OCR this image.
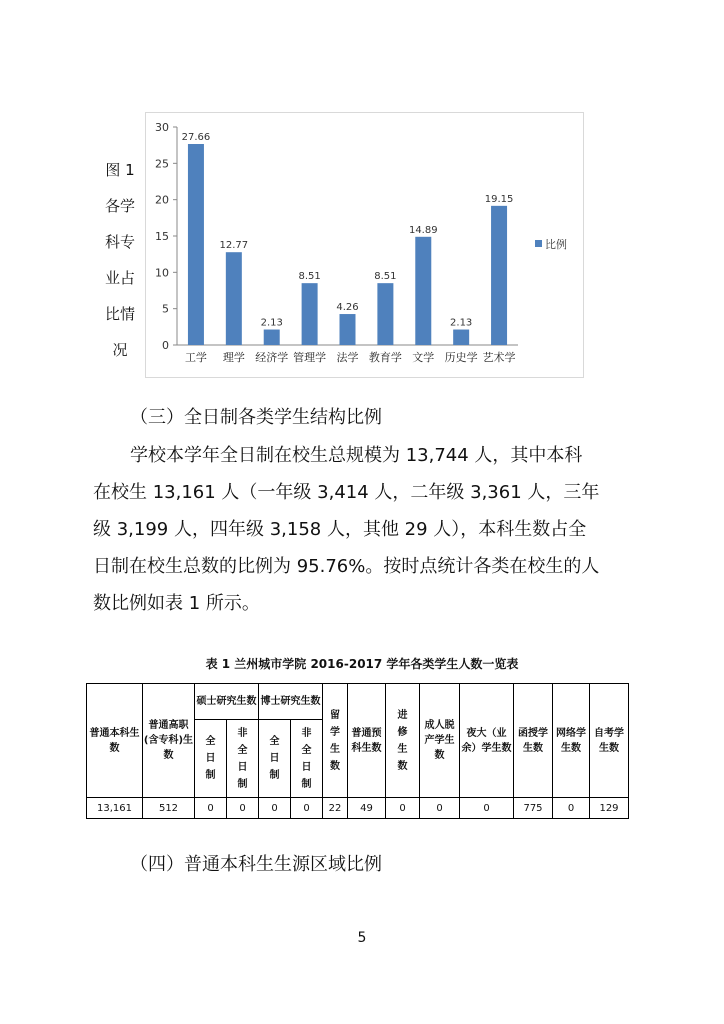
图 1
各学
科专
业占
比情
况	0
5
10
15
20
25
30
27.66
工学
12.77
理学
2.13
经济学
8.51
管理学
4.26
法学
8.51
教育学
14.89
文学
2.13
历史学
19.15
艺术学
比例
（三）全日制各类学生结构比例
学校本学年全日制在校生总规模为 13,744 人，其中本科
在校生 13,161 人（一年级 3,414 人，二年级 3,361 人，三年
级 3,199 人，四年级 3,158 人，其他 29 人），本科生数占全
日制在校生总数的比例为 95.76%。按时点统计各类在校生的人
数比例如表 1 所示。
表 1 兰州城市学院 2016-2017 学年各类学生人数一览表
普通本科生数	普通高职(含专科)生数	硕士研究生数		博士研究生数		留学生数	普通预科生数	进修生数	成人脱产学生数	夜大（业余）学生数	函授学生数	网络学生数	自考学生数
		全日制	非全日制	全日制	非全日制								
13,161	512	0	0	0	0	22	49	0	0	0	775	0	129
（四）普通本科生生源区域比例
5
